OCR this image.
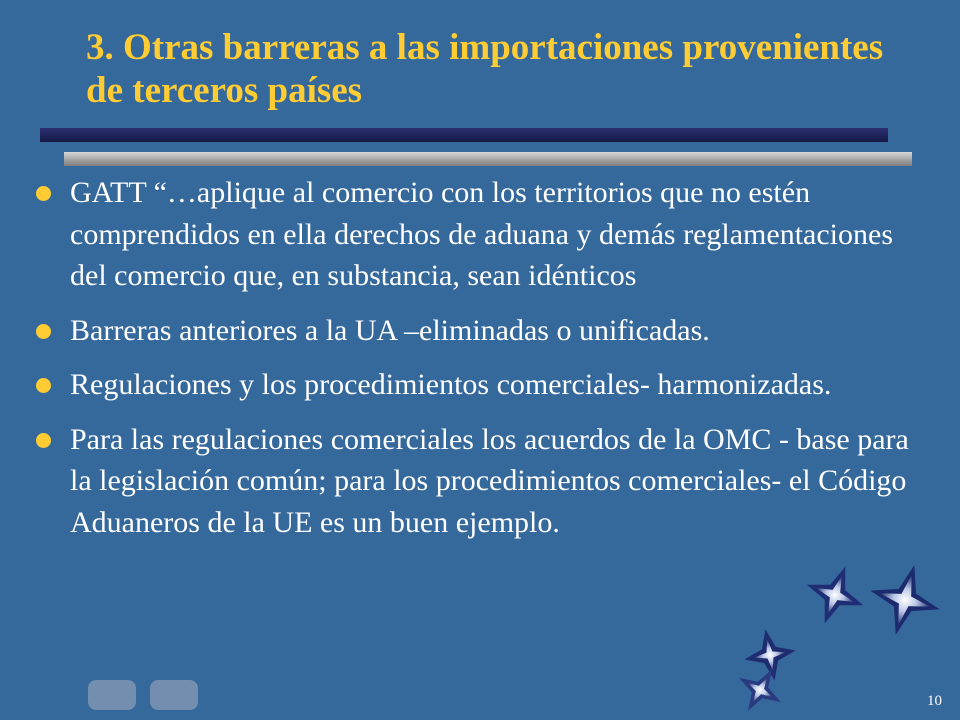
3. Otras barreras a las importaciones provenientes de terceros países
GATT “…aplique al comercio con los territorios que no estén comprendidos en ella derechos de aduana y demás reglamentaciones del comercio que, en substancia, sean idénticos
Barreras anteriores a la UA –eliminadas o unificadas.
Regulaciones y los procedimientos comerciales- harmonizadas.
Para las regulaciones comerciales los acuerdos de la OMC - base para la legislación común; para los procedimientos comerciales- el Código Aduaneros de la UE es un buen ejemplo.
10
